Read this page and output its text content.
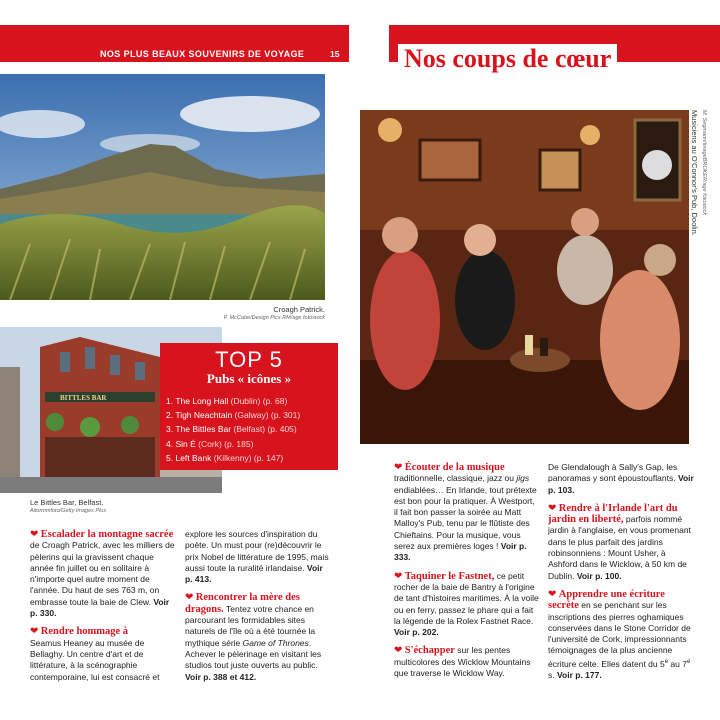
NOS PLUS BEAUX SOUVENIRS DE VOYAGE	15 Nos coups de cœur
Croagh Patrick.
P. McCabe/Design Pics RM/age fotostock
BITTLES BAR
Le Bittles Bar, Belfast.
Aitormmfoto/Getty Images Plus
TOP 5
Pubs « icônes »
1. The Long Hall (Dublin) (p. 68)
2. Tigh Neachtain (Galway) (p. 301)
3. The Bittles Bar (Belfast) (p. 405)
4. Sin É (Cork) (p. 185)
5. Left Bank (Kilkenny) (p. 147)
Musiciens au O'Connor's Pub, Doolin. M. Segmann/imageBROKER/age fotostock

❤ Escalader la montagne sacrée de Croagh Patrick, avec les milliers de pèlerins qui la gravissent chaque année fin juillet ou en solitaire à n'importe quel autre moment de l'année. Du haut de ses 763 m, on embrasse toute la baie de Clew. Voir p. 330.

❤ Rendre hommage à
Seamus Heaney au musée de Bellaghy. Un centre d'art et de littérature, à la scénographie contemporaine, lui est consacré et

explore les sources d'inspiration du poète. Un must pour (re)découvrir le prix Nobel de littérature de 1995, mais aussi toute la ruralité irlandaise. Voir p. 413.

❤ Rencontrer la mère des dragons. Tentez votre chance en parcourant les formidables sites naturels de l'île où a été tournée la mythique série Game of Thrones. Achever le pèlerinage en visitant les studios tout juste ouverts au public. Voir p. 388 et 412.

❤ Écouter de la musique traditionnelle, classique, jazz ou jigs endiablées… En Irlande, tout prétexte est bon pour la pratiquer. À Westport, il fait bon passer la soirée au Matt Malloy's Pub, tenu par le flûtiste des Chieftains. Pour la musique, vous serez aux premières loges ! Voir p. 333.

❤ Taquiner le Fastnet, ce petit rocher de la baie de Bantry à l'origine de tant d'histoires maritimes. À la voile ou en ferry, passez le phare qui a fait la légende de la Rolex Fastnet Race. Voir p. 202.

❤ S'échapper sur les pentes multicolores des Wicklow Mountains que traverse le Wicklow Way.

De Glendalough à Sally's Gap, les panoramas y sont époustouflants. Voir p. 103.

❤ Rendre à l'Irlande l'art du jardin en liberté, parfois nommé jardin à l'anglaise, en vous promenant dans le plus parfait des jardins robinsonniens : Mount Usher, à Ashford dans le Wicklow, à 50 km de Dublin. Voir p. 100.

❤ Apprendre une écriture secrète en se penchant sur les inscriptions des pierres oghamiques conservées dans le Stone Corridor de l'université de Cork, impressionnants témoignages de la plus ancienne écriture celte. Elles datent du 5e au 7e s. Voir p. 177.
